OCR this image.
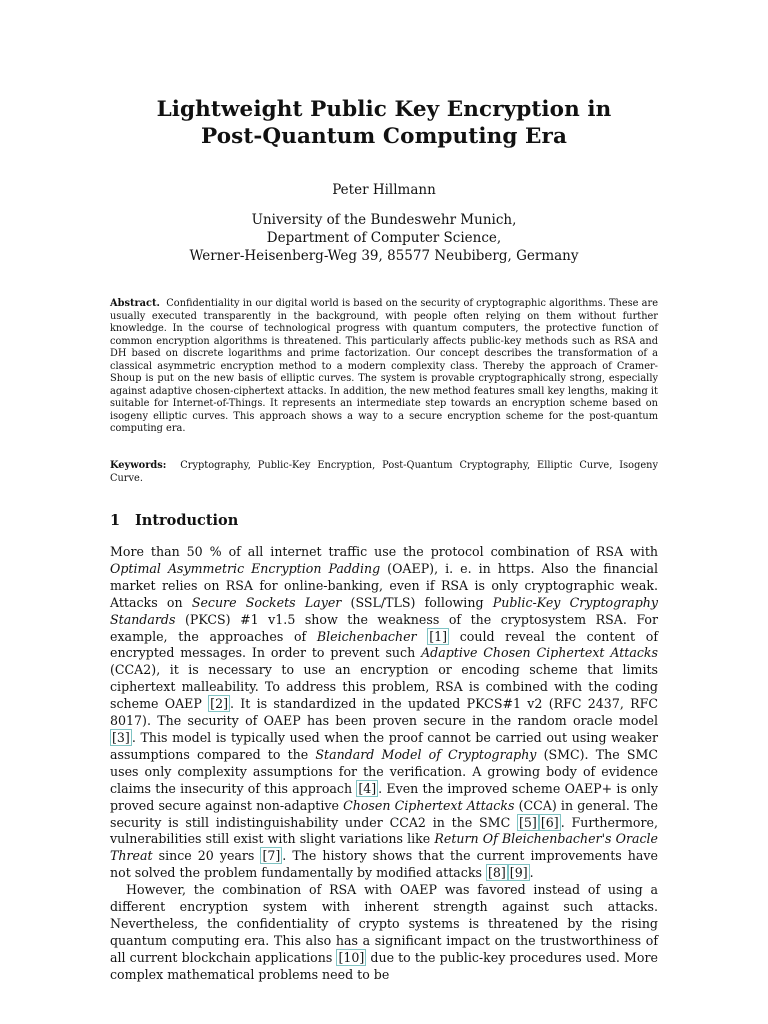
Lightweight Public Key Encryption in
Post-Quantum Computing Era
Peter Hillmann
University of the Bundeswehr Munich,
Department of Computer Science,
Werner-Heisenberg-Weg 39, 85577 Neubiberg, Germany
Abstract. Confidentiality in our digital world is based on the security of cryptographic algorithms. These are usually executed transparently in the background, with people often relying on them without further knowledge. In the course of technological progress with quantum computers, the protective function of common encryption algorithms is threatened. This particularly affects public-key methods such as RSA and DH based on discrete logarithms and prime factorization. Our concept describes the transformation of a classical asymmetric encryption method to a modern complexity class. Thereby the approach of Cramer-Shoup is put on the new basis of elliptic curves. The system is provable cryptographically strong, especially against adaptive chosen-ciphertext attacks. In addition, the new method features small key lengths, making it suitable for Internet-of-Things. It represents an intermediate step towards an encryption scheme based on isogeny elliptic curves. This approach shows a way to a secure encryption scheme for the post-quantum computing era.
Keywords: Cryptography, Public-Key Encryption, Post-Quantum Cryptography, Elliptic Curve, Isogeny Curve.
1 Introduction

More than 50 % of all internet traffic use the protocol combination of RSA with Optimal Asymmetric Encryption Padding (OAEP), i. e. in https. Also the financial market relies on RSA for online-banking, even if RSA is only cryptographic weak. Attacks on Secure Sockets Layer (SSL/TLS) following Public-Key Cryptography Standards (PKCS) #1 v1.5 show the weakness of the cryptosystem RSA. For example, the approaches of Bleichenbacher [1] could reveal the content of encrypted messages. In order to prevent such Adaptive Chosen Ciphertext Attacks (CCA2), it is necessary to use an encryption or encoding scheme that limits ciphertext malleability. To address this problem, RSA is combined with the coding scheme OAEP [2] . It is standardized in the updated PKCS#1 v2 (RFC 2437, RFC 8017). The security of OAEP has been proven secure in the random oracle model [3] . This model is typically used when the proof cannot be carried out using weaker assumptions compared to the Standard Model of Cryptography (SMC). The SMC uses only complexity assumptions for the verification. A growing body of evidence claims the insecurity of this approach [4] . Even the improved scheme OAEP+ is only proved secure against non-adaptive Chosen Ciphertext Attacks (CCA) in general. The security is still indistinguishability under CCA2 in the SMC [5] [6] . Furthermore, vulnerabilities still exist with slight variations like Return Of Bleichenbacher's Oracle Threat since 20 years [7] . The history shows that the current improvements have not solved the problem fundamentally by modified attacks [8] [9] .

However, the combination of RSA with OAEP was favored instead of using a different encryption system with inherent strength against such attacks. Nevertheless, the confidentiality of crypto systems is threatened by the rising quantum computing era. This also has a significant impact on the trustworthiness of all current blockchain applications [10] due to the public-key procedures used. More complex mathematical problems need to be
